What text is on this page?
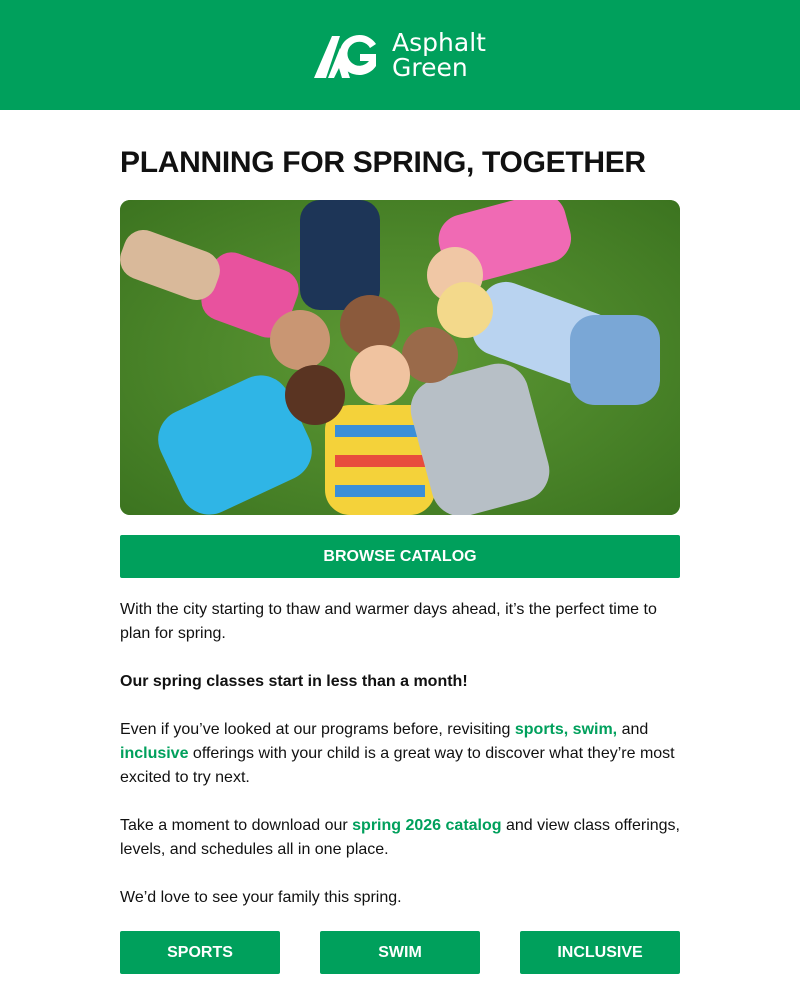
Asphalt
Green
PLANNING FOR SPRING, TOGETHER
BROWSE CATALOG

With the city starting to thaw and warmer days ahead, it’s the perfect time to plan for spring.

Our spring classes start in less than a month!

Even if you’ve looked at our programs before, revisiting sports, swim, and inclusive offerings with your child is a great way to discover what they’re most excited to try next.

Take a moment to download our spring 2026 catalog and view class offerings, levels, and schedules all in one place.

We’d love to see your family this spring.

SPORTS	SWIM	INCLUSIVE
